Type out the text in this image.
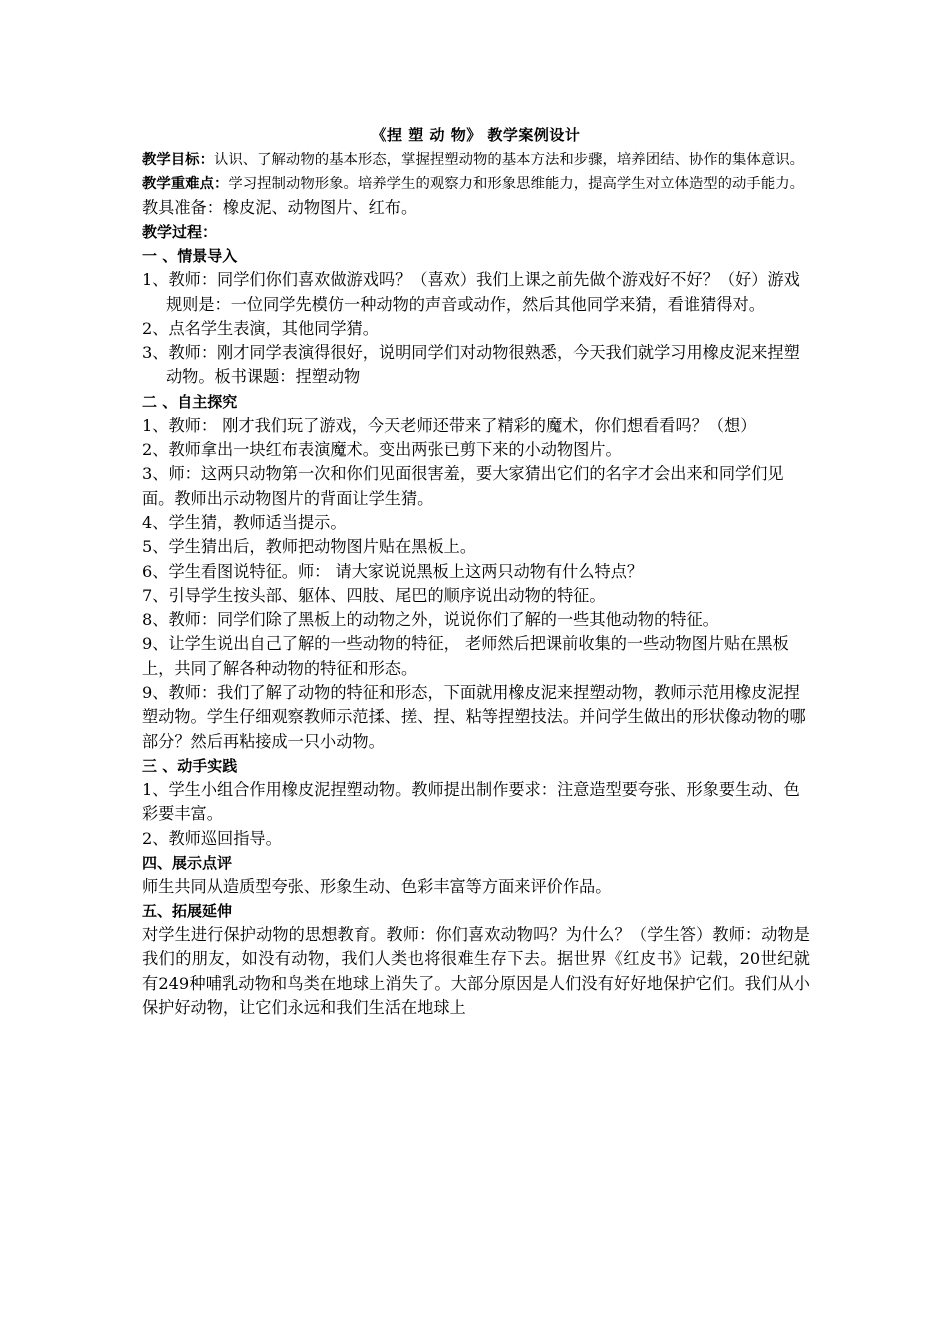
《捏 塑 动 物》 教学案例设计

教学目标：认识、了解动物的基本形态，掌握捏塑动物的基本方法和步骤，培养团结、协作的集体意识。

教学重难点：学习捏制动物形象。培养学生的观察力和形象思维能力，提高学生对立体造型的动手能力。

教具准备：橡皮泥、动物图片、红布。

教学过程：

一 、情景导入

1、教师：同学们你们喜欢做游戏吗？（喜欢）我们上课之前先做个游戏好不好？（好）游戏规则是：一位同学先模仿一种动物的声音或动作，然后其他同学来猜，看谁猜得对。

2、点名学生表演，其他同学猜。

3、教师：刚才同学表演得很好，说明同学们对动物很熟悉，今天我们就学习用橡皮泥来捏塑动物。板书课题：捏塑动物

二 、自主探究

1、教师： 刚才我们玩了游戏，今天老师还带来了精彩的魔术，你们想看看吗？（想）

2、教师拿出一块红布表演魔术。变出两张已剪下来的小动物图片。

3、师：这两只动物第一次和你们见面很害羞，要大家猜出它们的名字才会出来和同学们见面。教师出示动物图片的背面让学生猜。

4、学生猜，教师适当提示。

5、学生猜出后，教师把动物图片贴在黑板上。

6、学生看图说特征。师： 请大家说说黑板上这两只动物有什么特点？

7、引导学生按头部、躯体、四肢、尾巴的顺序说出动物的特征。

8、教师：同学们除了黑板上的动物之外，说说你们了解的一些其他动物的特征。

9、让学生说出自己了解的一些动物的特征， 老师然后把课前收集的一些动物图片贴在黑板上，共同了解各种动物的特征和形态。

9、教师：我们了解了动物的特征和形态，下面就用橡皮泥来捏塑动物，教师示范用橡皮泥捏塑动物。学生仔细观察教师示范揉、搓、捏、粘等捏塑技法。并问学生做出的形状像动物的哪部分？然后再粘接成一只小动物。

三 、动手实践

1、学生小组合作用橡皮泥捏塑动物。教师提出制作要求：注意造型要夸张、形象要生动、色彩要丰富。

2、教师巡回指导。

四、展示点评

师生共同从造质型夸张、形象生动、色彩丰富等方面来评价作品。

五、拓展延伸

对学生进行保护动物的思想教育。教师：你们喜欢动物吗？为什么？（学生答）教师：动物是我们的朋友，如没有动物，我们人类也将很难生存下去。据世界《红皮书》记载，20世纪就有249种哺乳动物和鸟类在地球上消失了。大部分原因是人们没有好好地保护它们。我们从小保护好动物，让它们永远和我们生活在地球上
